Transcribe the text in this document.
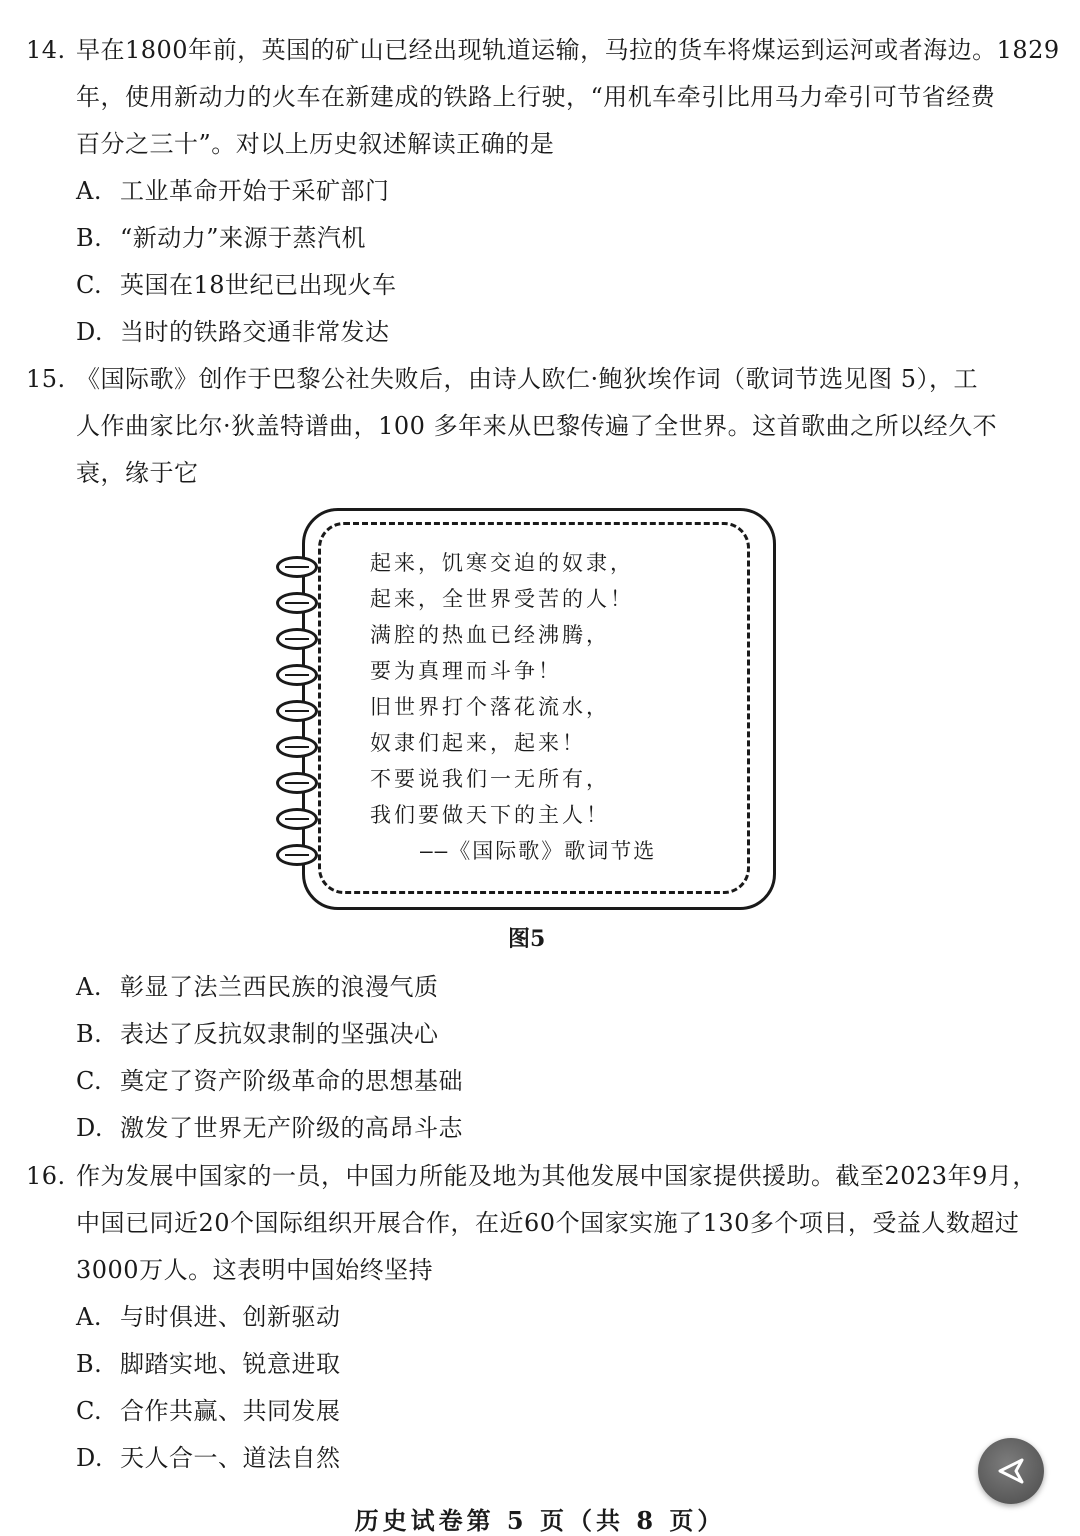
14. 早在1800年前，英国的矿山已经出现轨道运输，马拉的货车将煤运到运河或者海边。1829
年，使用新动力的火车在新建成的铁路上行驶，“用机车牵引比用马力牵引可节省经费
百分之三十”。对以上历史叙述解读正确的是
A. 工业革命开始于采矿部门
B. “新动力”来源于蒸汽机
C. 英国在18世纪已出现火车
D. 当时的铁路交通非常发达
15. 《国际歌》创作于巴黎公社失败后，由诗人欧仁·鲍狄埃作词（歌词节选见图 5），工
人作曲家比尔·狄盖特谱曲，100 多年来从巴黎传遍了全世界。这首歌曲之所以经久不
衰，缘于它
起来，饥寒交迫的奴隶，
起来，全世界受苦的人！
满腔的热血已经沸腾，
要为真理而斗争！
旧世界打个落花流水，
奴隶们起来，起来！
不要说我们一无所有，
我们要做天下的主人！
——《国际歌》歌词节选
图5
A. 彰显了法兰西民族的浪漫气质
B. 表达了反抗奴隶制的坚强决心
C. 奠定了资产阶级革命的思想基础
D. 激发了世界无产阶级的高昂斗志
16. 作为发展中国家的一员，中国力所能及地为其他发展中国家提供援助。截至2023年9月，
中国已同近20个国际组织开展合作，在近60个国家实施了130多个项目，受益人数超过
3000万人。这表明中国始终坚持
A. 与时俱进、创新驱动
B. 脚踏实地、锐意进取
C. 合作共赢、共同发展
D. 天人合一、道法自然
历史试卷第 5 页（共 8 页）
